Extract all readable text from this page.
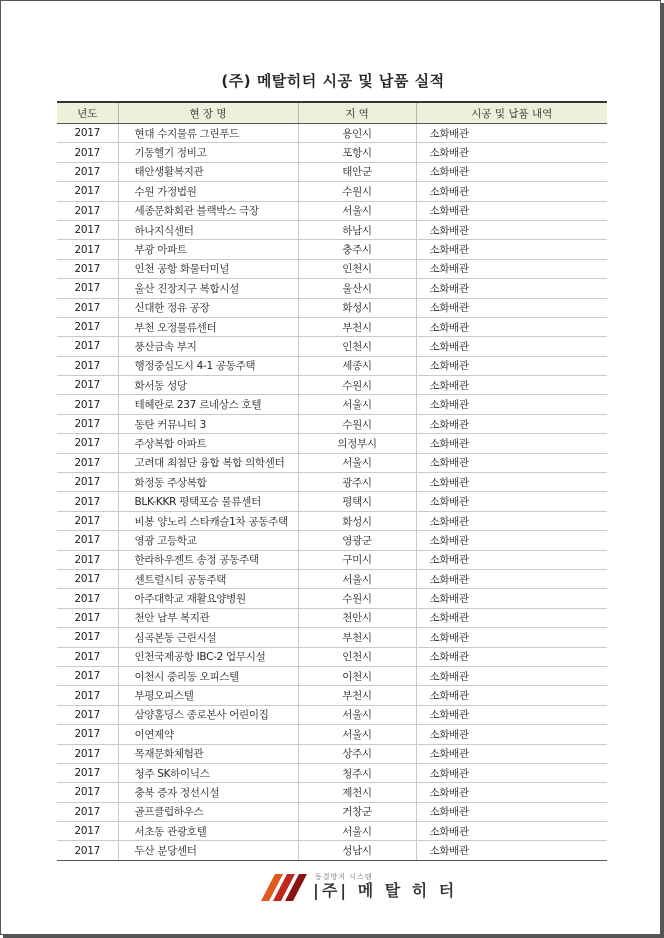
(주) 메탈히터 시공 및 납품 실적
년도	현 장 명	지 역	시공 및 납품 내역
2017	현대 수지물류 그린푸드	용인시	소화배관
2017	기동헬기 정비고	포항시	소화배관
2017	태안생활복지관	태안군	소화배관
2017	수원 가정법원	수원시	소화배관
2017	세종문화회관 블랙박스 극장	서울시	소화배관
2017	하나지식센터	하남시	소화배관
2017	부광 아파트	충주시	소화배관
2017	인천 공항 화물터미널	인천시	소화배관
2017	울산 진장지구 복합시설	울산시	소화배관
2017	신대한 정유 공장	화성시	소화배관
2017	부천 오정물류센터	부천시	소화배관
2017	풍산금속 부지	인천시	소화배관
2017	행정중심도시 4-1 공동주택	세종시	소화배관
2017	화서동 성당	수원시	소화배관
2017	테헤란로 237 르네상스 호텔	서울시	소화배관
2017	동탄 커뮤니티 3	수원시	소화배관
2017	주상복합 아파트	의정부시	소화배관
2017	고려대 최첨단 융합 복합 의학센터	서울시	소화배관
2017	화정동 주상복합	광주시	소화배관
2017	BLK-KKR 평택포승 물류센터	평택시	소화배관
2017	비봉 양노리 스타캐슬1차 공동주택	화성시	소화배관
2017	영광 고등학교	영광군	소화배관
2017	한라하우젠트 송정 공동주택	구미시	소화배관
2017	센트럴시티 공동주택	서울시	소화배관
2017	아주대학교 재활요양병원	수원시	소화배관
2017	천안 남부 복지관	천안시	소화배관
2017	심곡본동 근린시설	부천시	소화배관
2017	인천국제공항 IBC-2 업무시설	인천시	소화배관
2017	이천시 중리동 오피스텔	이천시	소화배관
2017	부평오피스텔	부천시	소화배관
2017	삼양홀딩스 종로본사 어린이집	서울시	소화배관
2017	이연제약	서울시	소화배관
2017	목재문화체험관	상주시	소화배관
2017	청주 SK하이닉스	청주시	소화배관
2017	충북 증자 정선시설	제천시	소화배관
2017	골프클럽하우스	거창군	소화배관
2017	서초동 관광호텔	서울시	소화배관
2017	두산 분당센터	성남시	소화배관
동결방지 시스템
|주| 메 탈 히 터
